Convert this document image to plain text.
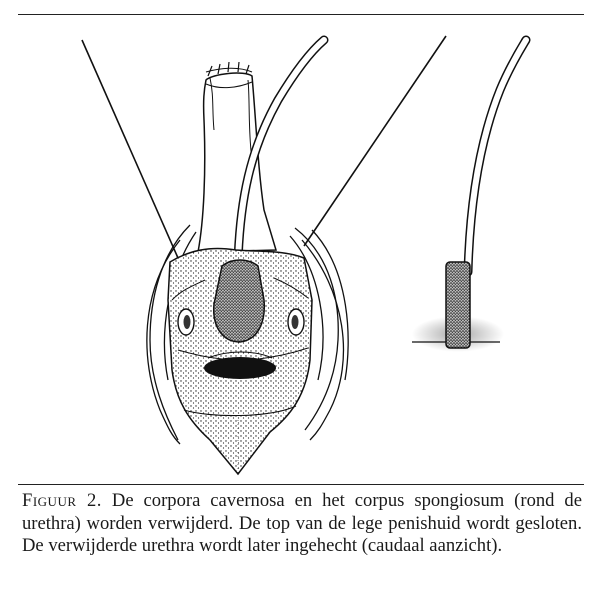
Figuur 2. De corpora cavernosa en het corpus spongiosum (rond de urethra) worden verwijderd. De top van de lege penishuid wordt gesloten. De verwijderde urethra wordt later ingehecht (caudaal aanzicht).
